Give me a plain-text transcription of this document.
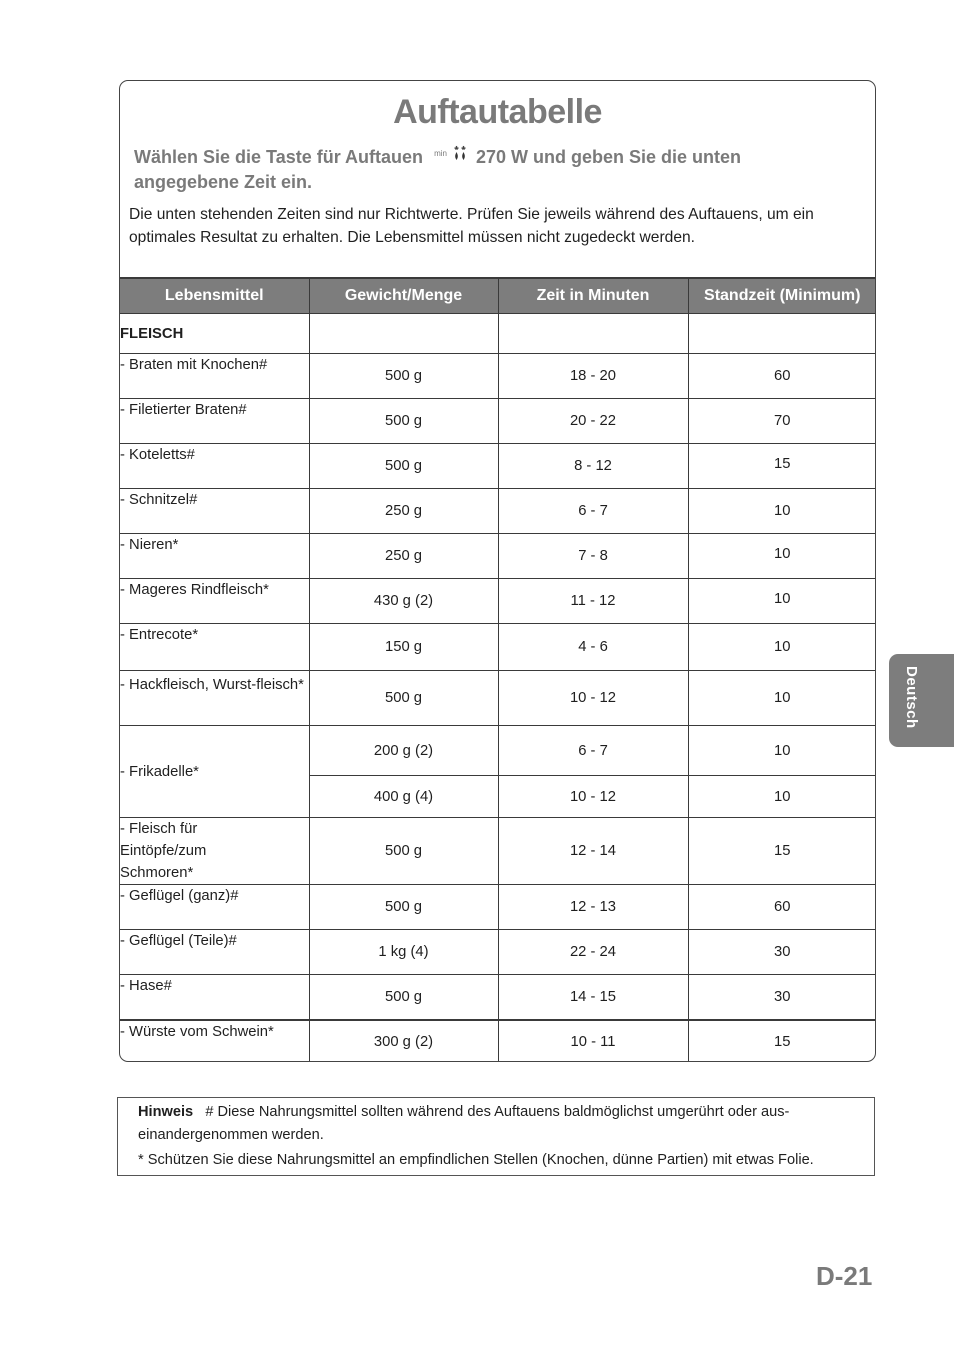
Auftautabelle
Wählen Sie die Taste für Auftauen $^{min}$ 270 W und geben Sie die unten angegebene Zeit ein.
Die unten stehenden Zeiten sind nur Richtwerte. Prüfen Sie jeweils während des Auftauens, um ein optimales Resultat zu erhalten. Die Lebensmittel müssen nicht zugedeckt werden.
Lebensmittel	Gewicht/Menge	Zeit in Minuten	Standzeit (Minimum)
FLEISCH			
- Braten mit Knochen#	500 g	18 - 20	60
- Filetierter Braten#	500 g	20 - 22	70
- Koteletts#	500 g	8 - 12	15
- Schnitzel#	250 g	6 - 7	10
- Nieren*	250 g	7 - 8	10
- Mageres Rindfleisch*	430 g (2)	11 - 12	10
- Entrecote*	150 g	4 - 6	10
- Hackfleisch, Wurst-fleisch*	500 g	10 - 12	10
- Frikadelle*	200 g (2)	6 - 7	10
	400 g (4)	10 - 12	10
- Fleisch für Eintöpfe/zum Schmoren*	500 g	12 - 14	15
- Geflügel (ganz)#	500 g	12 - 13	60
- Geflügel (Teile)#	1 kg (4)	22 - 24	30
- Hase#	500 g	14 - 15	30
- Würste vom Schwein*	300 g (2)	10 - 11	15
Hinweis # Diese Nahrungsmittel sollten während des Auftauens baldmöglichst umgerührt oder aus-einandergenommen werden.
* Schützen Sie diese Nahrungsmittel an empfindlichen Stellen (Knochen, dünne Partien) mit etwas Folie.
Deutsch
D-21
